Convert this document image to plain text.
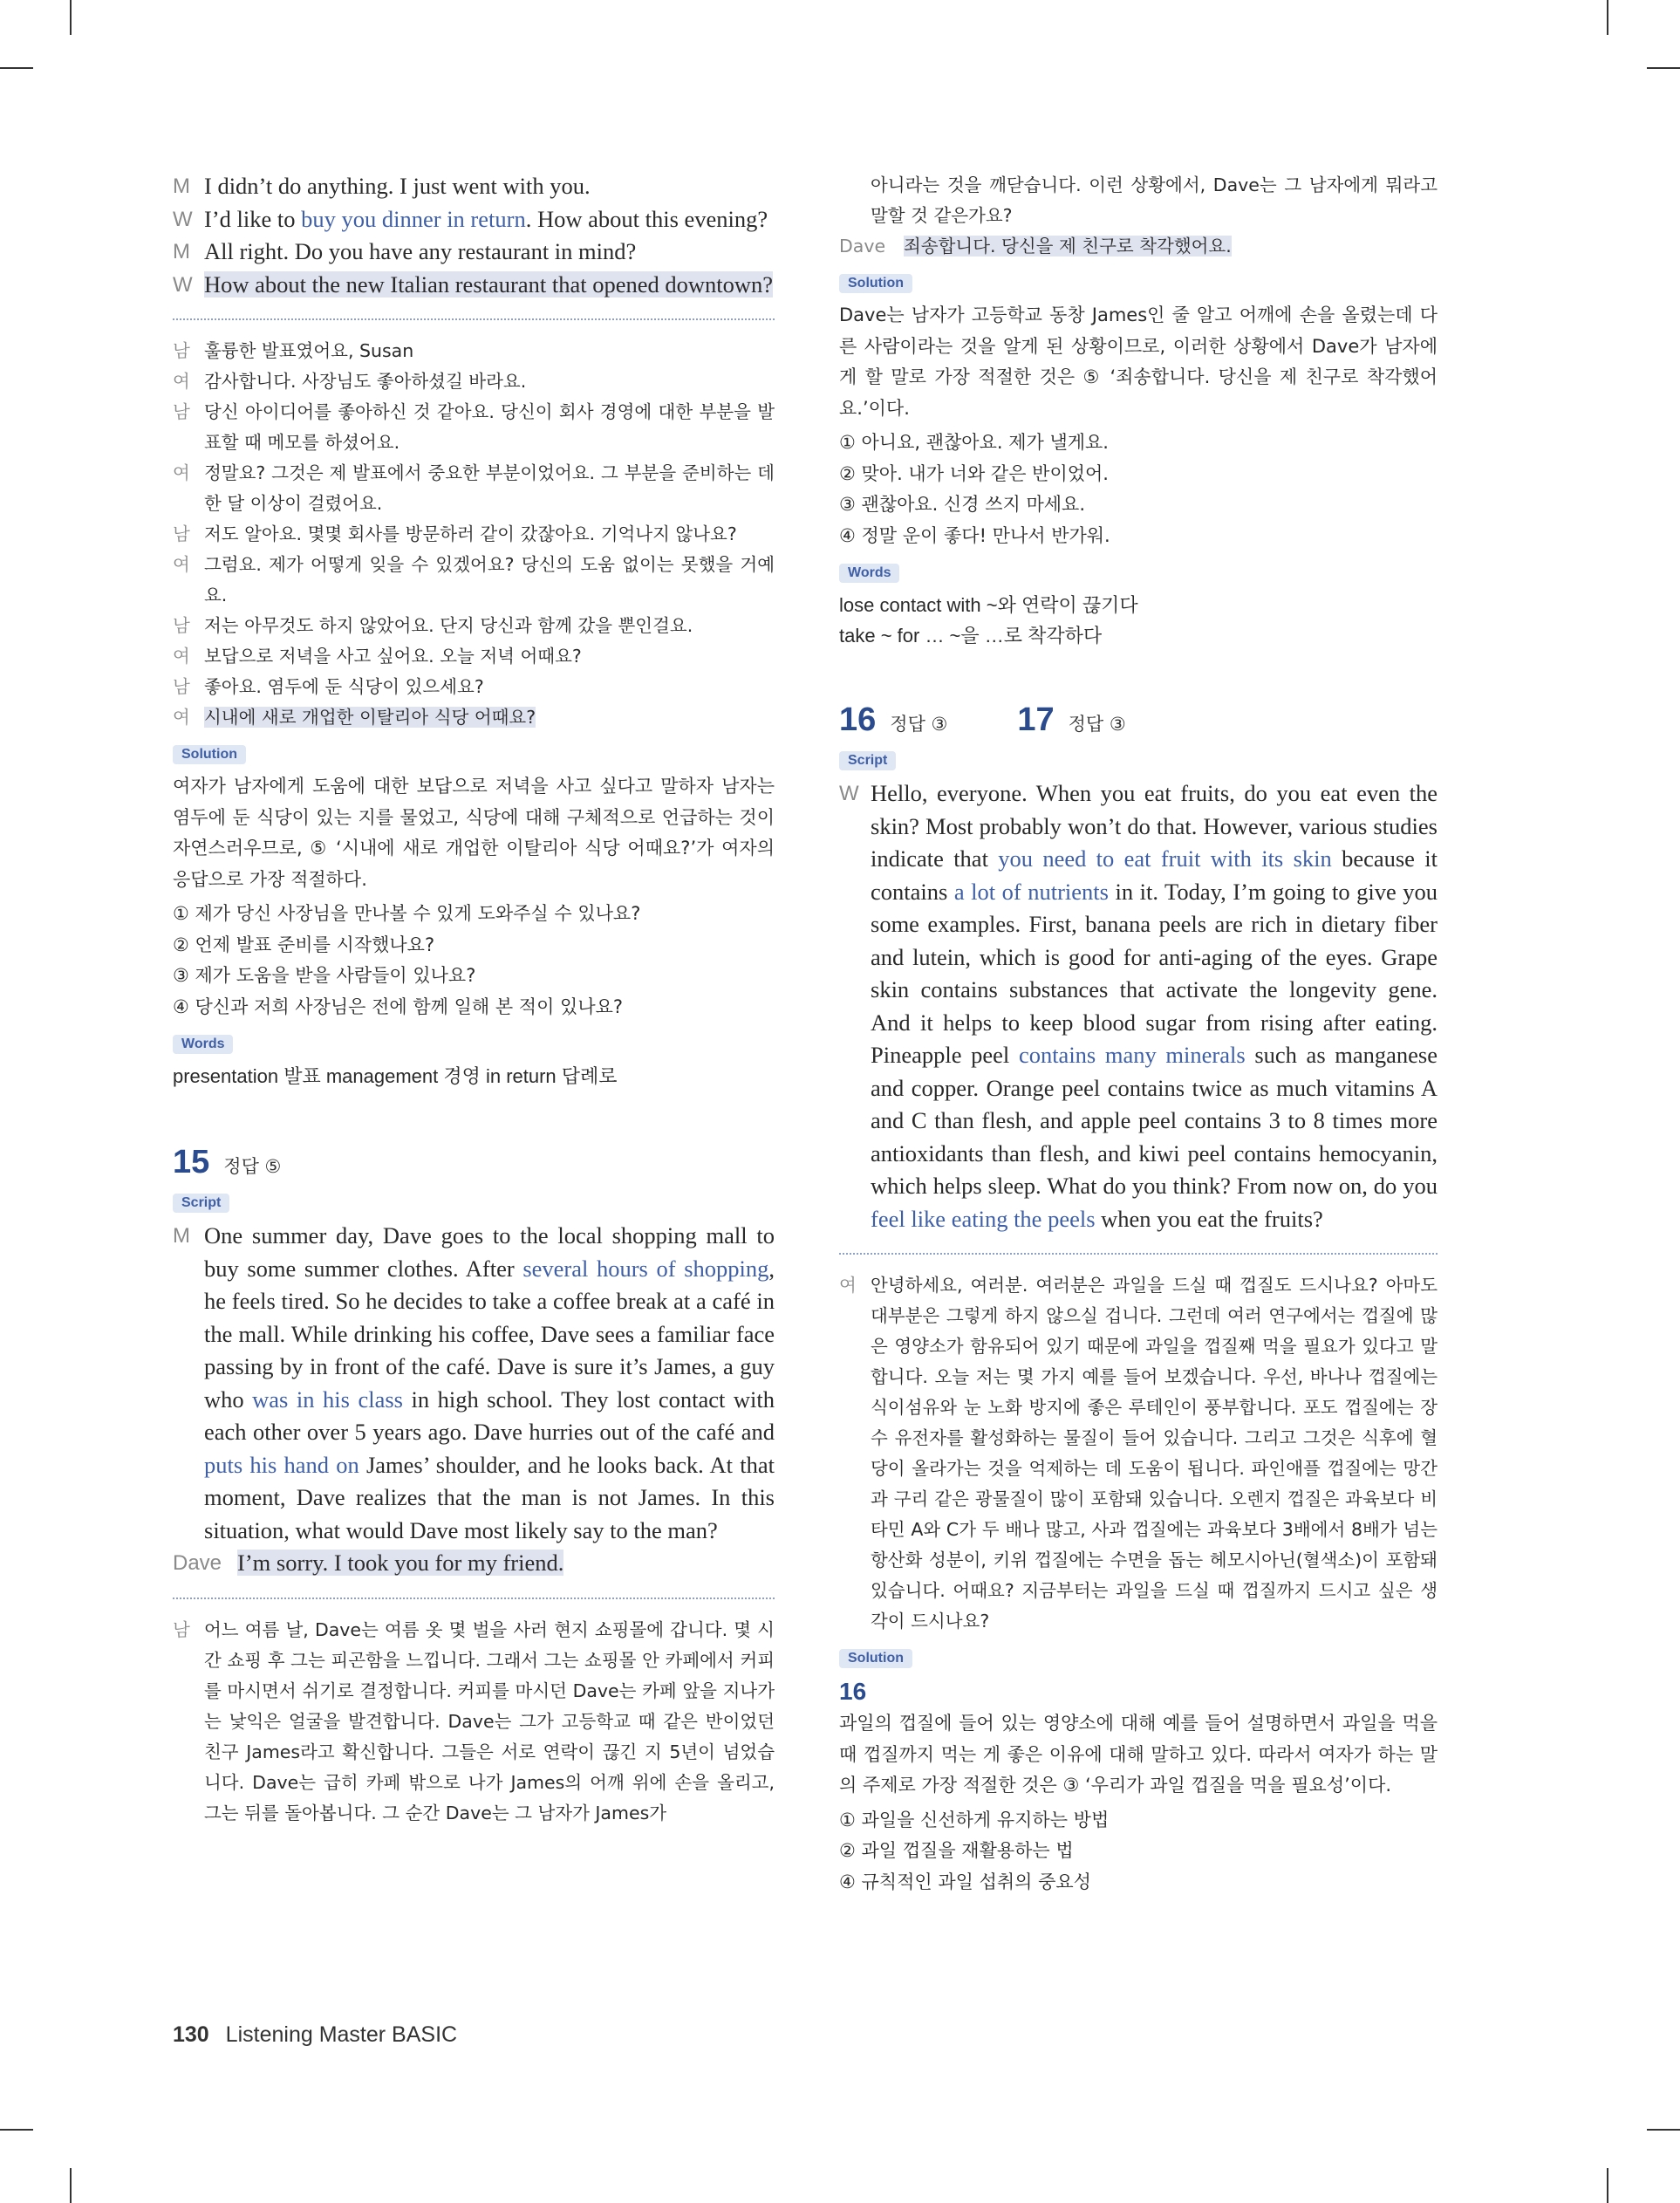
M I didn’t do anything. I just went with you.
W I’d like to buy you dinner in return. How about this evening?
M All right. Do you have any restaurant in mind?
W How about the new Italian restaurant that opened downtown?
남 훌륭한 발표였어요, Susan
여 감사합니다. 사장님도 좋아하셨길 바라요.
남 당신 아이디어를 좋아하신 것 같아요. 당신이 회사 경영에 대한 부분을 발표할 때 메모를 하셨어요.
여 정말요? 그것은 제 발표에서 중요한 부분이었어요. 그 부분을 준비하는 데 한 달 이상이 걸렸어요.
남 저도 알아요. 몇몇 회사를 방문하러 같이 갔잖아요. 기억나지 않나요?
여 그럼요. 제가 어떻게 잊을 수 있겠어요? 당신의 도움 없이는 못했을 거예요.
남 저는 아무것도 하지 않았어요. 단지 당신과 함께 갔을 뿐인걸요.
여 보답으로 저녁을 사고 싶어요. 오늘 저녁 어때요?
남 좋아요. 염두에 둔 식당이 있으세요?
여 시내에 새로 개업한 이탈리아 식당 어때요?
Solution
여자가 남자에게 도움에 대한 보답으로 저녁을 사고 싶다고 말하자 남자는 염두에 둔 식당이 있는 지를 물었고, 식당에 대해 구체적으로 언급하는 것이 자연스러우므로, ⑤ ‘시내에 새로 개업한 이탈리아 식당 어때요?’가 여자의 응답으로 가장 적절하다.
① 제가 당신 사장님을 만나볼 수 있게 도와주실 수 있나요?
② 언제 발표 준비를 시작했나요?
③ 제가 도움을 받을 사람들이 있나요?
④ 당신과 저희 사장님은 전에 함께 일해 본 적이 있나요?
Words
presentation 발표 management 경영 in return 답례로
15 정답 ⑤
Script
M One summer day, Dave goes to the local shopping mall to buy some summer clothes. After several hours of shopping, he feels tired. So he decides to take a coffee break at a café in the mall. While drinking his coffee, Dave sees a familiar face passing by in front of the café. Dave is sure it’s James, a guy who was in his class in high school. They lost contact with each other over 5 years ago. Dave hurries out of the café and puts his hand on James’ shoulder, and he looks back. At that moment, Dave realizes that the man is not James. In this situation, what would Dave most likely say to the man?
Dave I’m sorry. I took you for my friend.
남 어느 여름 날, Dave는 여름 옷 몇 벌을 사러 현지 쇼핑몰에 갑니다. 몇 시간 쇼핑 후 그는 피곤함을 느낍니다. 그래서 그는 쇼핑몰 안 카페에서 커피를 마시면서 쉬기로 결정합니다. 커피를 마시던 Dave는 카페 앞을 지나가는 낯익은 얼굴을 발견합니다. Dave는 그가 고등학교 때 같은 반이었던 친구 James라고 확신합니다. 그들은 서로 연락이 끊긴 지 5년이 넘었습니다. Dave는 급히 카페 밖으로 나가 James의 어깨 위에 손을 올리고, 그는 뒤를 돌아봅니다. 그 순간 Dave는 그 남자가 James가
아니라는 것을 깨닫습니다. 이런 상황에서, Dave는 그 남자에게 뭐라고 말할 것 같은가요?
Dave	죄송합니다. 당신을 제 친구로 착각했어요.
Solution
Dave는 남자가 고등학교 동창 James인 줄 알고 어깨에 손을 올렸는데 다른 사람이라는 것을 알게 된 상황이므로, 이러한 상황에서 Dave가 남자에게 할 말로 가장 적절한 것은 ⑤ ‘죄송합니다. 당신을 제 친구로 착각했어요.’이다.
① 아니요, 괜찮아요. 제가 낼게요.
② 맞아. 내가 너와 같은 반이었어.
③ 괜찮아요. 신경 쓰지 마세요.
④ 정말 운이 좋다! 만나서 반가워.
Words
lose contact with ~와 연락이 끊기다
take ~ for … ~을 …로 착각하다
16 정답 ③ 17 정답 ③
Script
W Hello, everyone. When you eat fruits, do you eat even the skin? Most probably won’t do that. However, various studies indicate that you need to eat fruit with its skin because it contains a lot of nutrients in it. Today, I’m going to give you some examples. First, banana peels are rich in dietary fiber and lutein, which is good for anti-aging of the eyes. Grape skin contains substances that activate the longevity gene. And it helps to keep blood sugar from rising after eating. Pineapple peel contains many minerals such as manganese and copper. Orange peel contains twice as much vitamins A and C than flesh, and apple peel contains 3 to 8 times more antioxidants than flesh, and kiwi peel contains hemocyanin, which helps sleep. What do you think? From now on, do you feel like eating the peels when you eat the fruits?
여 안녕하세요, 여러분. 여러분은 과일을 드실 때 껍질도 드시나요? 아마도 대부분은 그렇게 하지 않으실 겁니다. 그런데 여러 연구에서는 껍질에 많은 영양소가 함유되어 있기 때문에 과일을 껍질째 먹을 필요가 있다고 말합니다. 오늘 저는 몇 가지 예를 들어 보겠습니다. 우선, 바나나 껍질에는 식이섬유와 눈 노화 방지에 좋은 루테인이 풍부합니다. 포도 껍질에는 장수 유전자를 활성화하는 물질이 들어 있습니다. 그리고 그것은 식후에 혈당이 올라가는 것을 억제하는 데 도움이 됩니다. 파인애플 껍질에는 망간과 구리 같은 광물질이 많이 포함돼 있습니다. 오렌지 껍질은 과육보다 비타민 A와 C가 두 배나 많고, 사과 껍질에는 과육보다 3배에서 8배가 넘는 항산화 성분이, 키위 껍질에는 수면을 돕는 헤모시아닌(혈색소)이 포함돼 있습니다. 어때요? 지금부터는 과일을 드실 때 껍질까지 드시고 싶은 생각이 드시나요?
Solution
16
과일의 껍질에 들어 있는 영양소에 대해 예를 들어 설명하면서 과일을 먹을 때 껍질까지 먹는 게 좋은 이유에 대해 말하고 있다. 따라서 여자가 하는 말의 주제로 가장 적절한 것은 ③ ‘우리가 과일 껍질을 먹을 필요성’이다.
① 과일을 신선하게 유지하는 방법
② 과일 껍질을 재활용하는 법
④ 규칙적인 과일 섭취의 중요성
130 Listening Master BASIC
